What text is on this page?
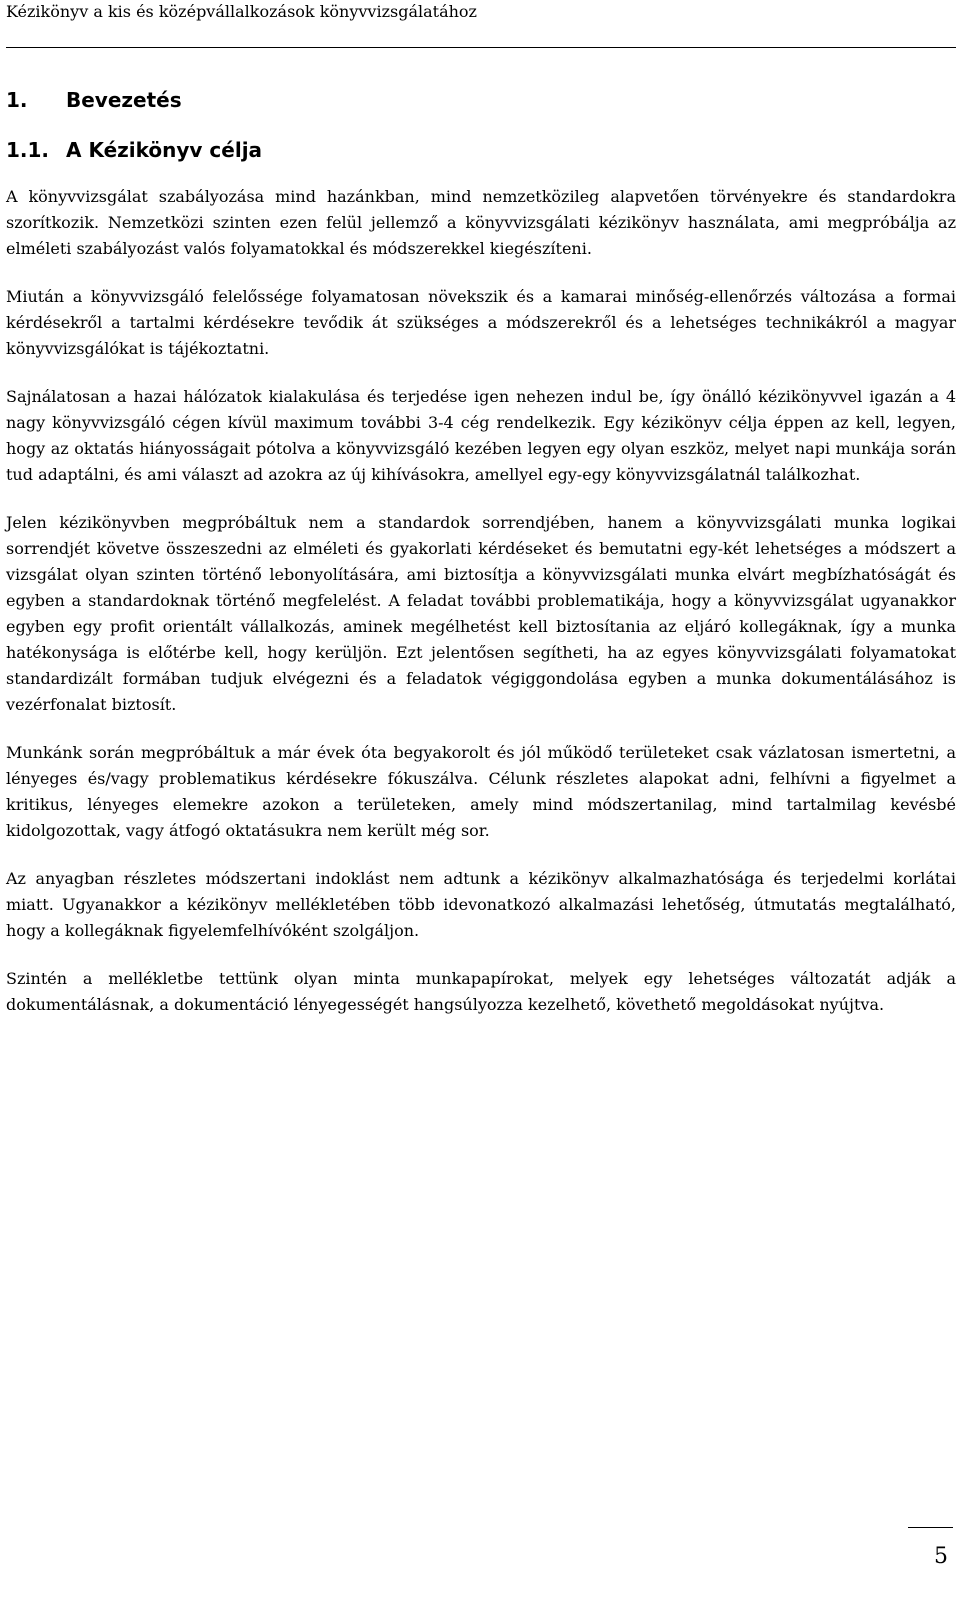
Kézikönyv a kis és középvállalkozások könyvvizsgálatához

1. Bevezetés
1.1. A Kézikönyv célja

A könyvvizsgálat szabályozása mind hazánkban, mind nemzetközileg alapvetően törvényekre és standardokra szorítkozik. Nemzetközi szinten ezen felül jellemző a könyvvizsgálati kézikönyv használata, ami megpróbálja az elméleti szabályozást valós folyamatokkal és módszerekkel kiegészíteni.

Miután a könyvvizsgáló felelőssége folyamatosan növekszik és a kamarai minőség-ellenőrzés változása a formai kérdésekről a tartalmi kérdésekre tevődik át szükséges a módszerekről és a lehetséges technikákról a magyar könyvvizsgálókat is tájékoztatni.

Sajnálatosan a hazai hálózatok kialakulása és terjedése igen nehezen indul be, így önálló kézikönyvvel igazán a 4 nagy könyvvizsgáló cégen kívül maximum további 3-4 cég rendelkezik. Egy kézikönyv célja éppen az kell, legyen, hogy az oktatás hiányosságait pótolva a könyvvizsgáló kezében legyen egy olyan eszköz, melyet napi munkája során tud adaptálni, és ami választ ad azokra az új kihívásokra, amellyel egy-egy könyvvizsgálatnál találkozhat.

Jelen kézikönyvben megpróbáltuk nem a standardok sorrendjében, hanem a könyvvizsgálati munka logikai sorrendjét követve összeszedni az elméleti és gyakorlati kérdéseket és bemutatni egy-két lehetséges a módszert a vizsgálat olyan szinten történő lebonyolítására, ami biztosítja a könyvvizsgálati munka elvárt megbízhatóságát és egyben a standardoknak történő megfelelést. A feladat további problematikája, hogy a könyvvizsgálat ugyanakkor egyben egy profit orientált vállalkozás, aminek megélhetést kell biztosítania az eljáró kollegáknak, így a munka hatékonysága is előtérbe kell, hogy kerüljön. Ezt jelentősen segítheti, ha az egyes könyvvizsgálati folyamatokat standardizált formában tudjuk elvégezni és a feladatok végiggondolása egyben a munka dokumentálásához is vezérfonalat biztosít.

Munkánk során megpróbáltuk a már évek óta begyakorolt és jól működő területeket csak vázlatosan ismertetni, a lényeges és/vagy problematikus kérdésekre fókuszálva. Célunk részletes alapokat adni, felhívni a figyelmet a kritikus, lényeges elemekre azokon a területeken, amely mind módszertanilag, mind tartalmilag kevésbé kidolgozottak, vagy átfogó oktatásukra nem került még sor.

Az anyagban részletes módszertani indoklást nem adtunk a kézikönyv alkalmazhatósága és terjedelmi korlátai miatt. Ugyanakkor a kézikönyv mellékletében több idevonatkozó alkalmazási lehetőség, útmutatás megtalálható, hogy a kollegáknak figyelemfelhívóként szolgáljon.

Szintén a mellékletbe tettünk olyan minta munkapapírokat, melyek egy lehetséges változatát adják a dokumentálásnak, a dokumentáció lényegességét hangsúlyozza kezelhető, követhető megoldásokat nyújtva.

5
